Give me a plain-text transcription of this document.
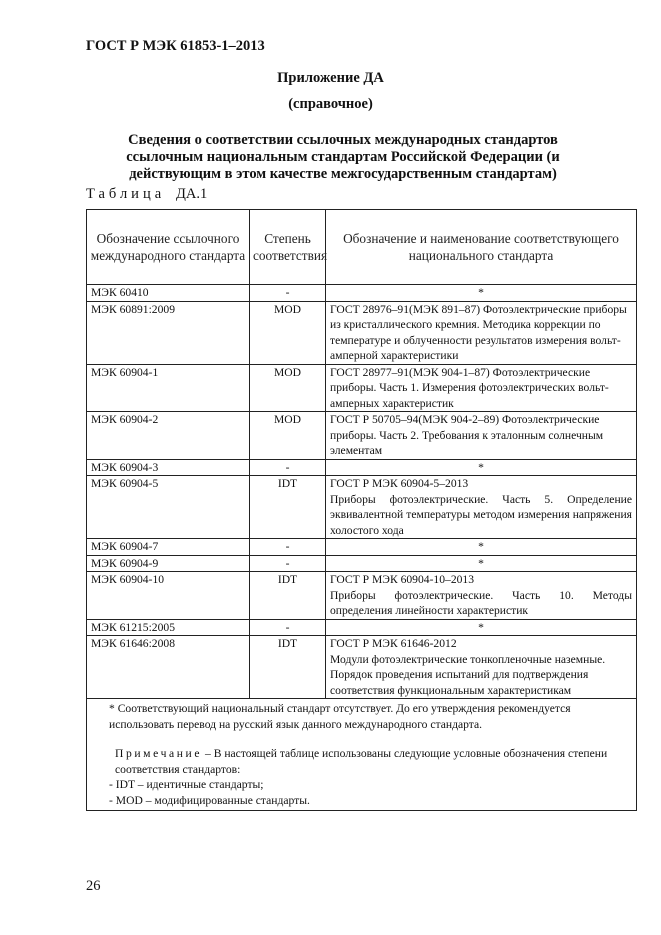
ГОСТ Р МЭК 61853-1–2013
Приложение ДА
(справочное)
Сведения о соответствии ссылочных международных стандартов ссылочным национальным стандартам Российской Федерации (и действующим в этом качестве межгосударственным стандартам)
Таблица ДА.1
Обозначение ссылочного международного стандарта	Степень соответствия	Обозначение и наименование соответствующего национального стандарта
МЭК 60410	-	*
МЭК 60891:2009	MOD	ГОСТ 28976–91(МЭК 891–87) Фотоэлектрические приборы из кристаллического кремния. Методика коррекции по температуре и облученности результатов измерения вольт-амперной характеристики
МЭК 60904-1	MOD	ГОСТ 28977–91(МЭК 904-1–87) Фотоэлектрические приборы. Часть 1. Измерения фотоэлектрических вольт-амперных характеристик
МЭК 60904-2	MOD	ГОСТ Р 50705–94(МЭК 904-2–89) Фотоэлектрические приборы. Часть 2. Требования к эталонным солнечным элементам
МЭК 60904-3	-	*
МЭК 60904-5	IDT	ГОСТ Р МЭК 60904-5–2013
Приборы фотоэлектрические. Часть 5. Определение эквивалентной температуры методом измерения напряжения холостого хода

МЭК 60904-7	-	*
МЭК 60904-9	-	*
МЭК 60904-10	IDT	ГОСТ Р МЭК 60904-10–2013
Приборы фотоэлектрические. Часть 10. Методы определения линейности характеристик

МЭК 61215:2005	-	*
МЭК 61646:2008	IDT	ГОСТ Р МЭК 61646-2012
Модули фотоэлектрические тонкопленочные наземные. Порядок проведения испытаний для подтверждения соответствия функциональным характеристикам

* Соответствующий национальный стандарт отсутствует. До его утверждения рекомендуется использовать перевод на русский язык данного международного стандарта.

Примечание – В настоящей таблице использованы следующие условные обозначения степени соответствия стандартов:

- IDT – идентичные стандарты;

- MOD – модифицированные стандарты.		

26
